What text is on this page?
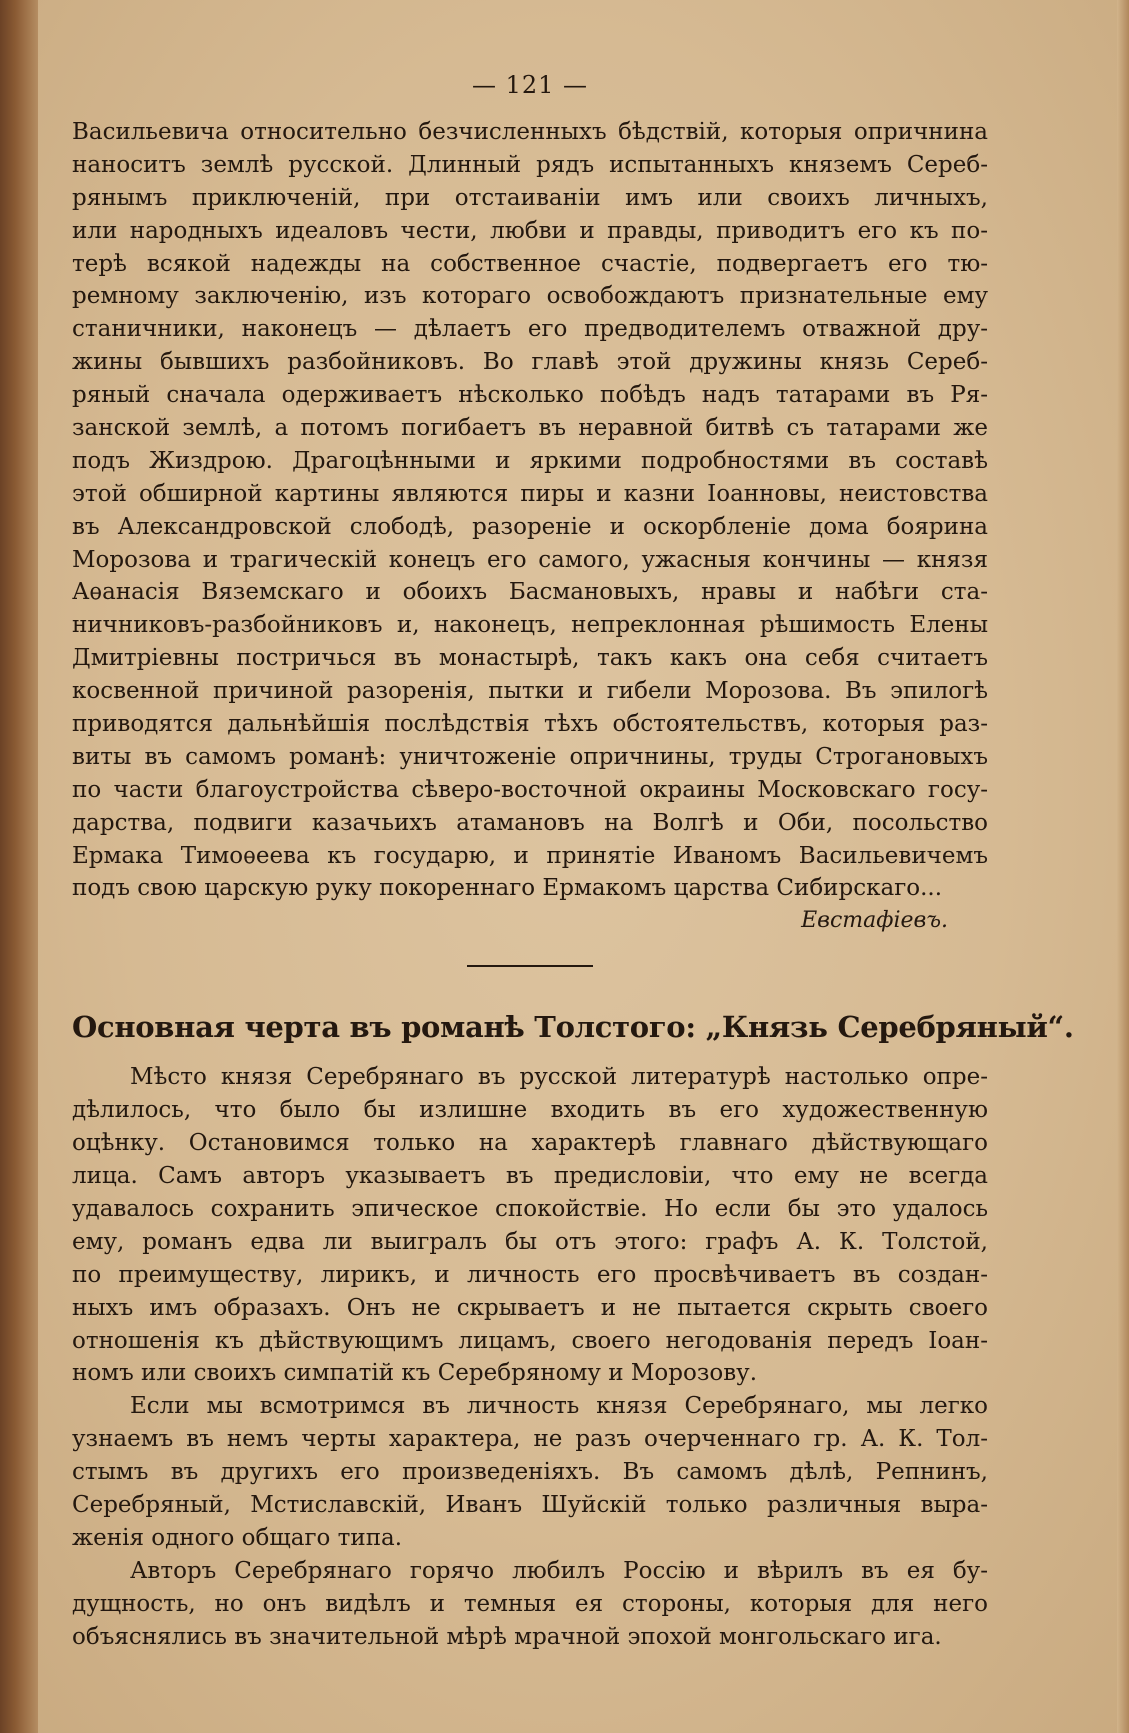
— 121 —
Васильевича относительно безчисленныхъ бѣдствій, которыя опричнина
наноситъ землѣ русской. Длинный рядъ испытанныхъ княземъ Сереб-
рянымъ приключеній, при отстаиваніи имъ или своихъ личныхъ,
или народныхъ идеаловъ чести, любви и правды, приводитъ его къ по-
терѣ всякой надежды на собственное счастіе, подвергаетъ его тю-
ремному заключенію, изъ котораго освобождаютъ признательные ему
станичники, наконецъ — дѣлаетъ его предводителемъ отважной дру-
жины бывшихъ разбойниковъ. Во главѣ этой дружины князь Сереб-
ряный сначала одерживаетъ нѣсколько побѣдъ надъ татарами въ Ря-
занской землѣ, а потомъ погибаетъ въ неравной битвѣ съ татарами же
подъ Жиздрою. Драгоцѣнными и яркими подробностями въ составѣ
этой обширной картины являются пиры и казни Іоанновы, неистовства
въ Александровской слободѣ, разореніе и оскорбленіе дома боярина
Морозова и трагическій конецъ его самого, ужасныя кончины — князя
Аѳанасія Вяземскаго и обоихъ Басмановыхъ, нравы и набѣги ста-
ничниковъ-разбойниковъ и, наконецъ, непреклонная рѣшимость Елены
Дмитріевны постричься въ монастырѣ, такъ какъ она себя считаетъ
косвенной причиной разоренія, пытки и гибели Морозова. Въ эпилогѣ
приводятся дальнѣйшія послѣдствія тѣхъ обстоятельствъ, которыя раз-
виты въ самомъ романѣ: уничтоженіе опричнины, труды Строгановыхъ
по части благоустройства сѣверо-восточной окраины Московскаго госу-
дарства, подвиги казачьихъ атамановъ на Волгѣ и Оби, посольство
Ермака Тимоѳеева къ государю, и принятіе Иваномъ Васильевичемъ
подъ свою царскую руку покореннаго Ермакомъ царства Сибирскаго...
Евстафіевъ.
Основная черта въ романѣ Толстого: „Князь Серебряный“.
Мѣсто князя Серебрянаго въ русской литературѣ настолько опре-
дѣлилось, что было бы излишне входить въ его художественную
оцѣнку. Остановимся только на характерѣ главнаго дѣйствующаго
лица. Самъ авторъ указываетъ въ предисловіи, что ему не всегда
удавалось сохранить эпическое спокойствіе. Но если бы это удалось
ему, романъ едва ли выигралъ бы отъ этого: графъ А. К. Толстой,
по преимуществу, лирикъ, и личность его просвѣчиваетъ въ создан-
ныхъ имъ образахъ. Онъ не скрываетъ и не пытается скрыть своего
отношенія къ дѣйствующимъ лицамъ, своего негодованія передъ Іоан-
номъ или своихъ симпатій къ Серебряному и Морозову.
Если мы всмотримся въ личность князя Серебрянаго, мы легко
узнаемъ въ немъ черты характера, не разъ очерченнаго гр. А. К. Тол-
стымъ въ другихъ его произведеніяхъ. Въ самомъ дѣлѣ, Репнинъ,
Серебряный, Мстиславскій, Иванъ Шуйскій только различныя выра-
женія одного общаго типа.
Авторъ Серебрянаго горячо любилъ Россію и вѣрилъ въ ея бу-
дущность, но онъ видѣлъ и темныя ея стороны, которыя для него
объяснялись въ значительной мѣрѣ мрачной эпохой монгольскаго ига.
